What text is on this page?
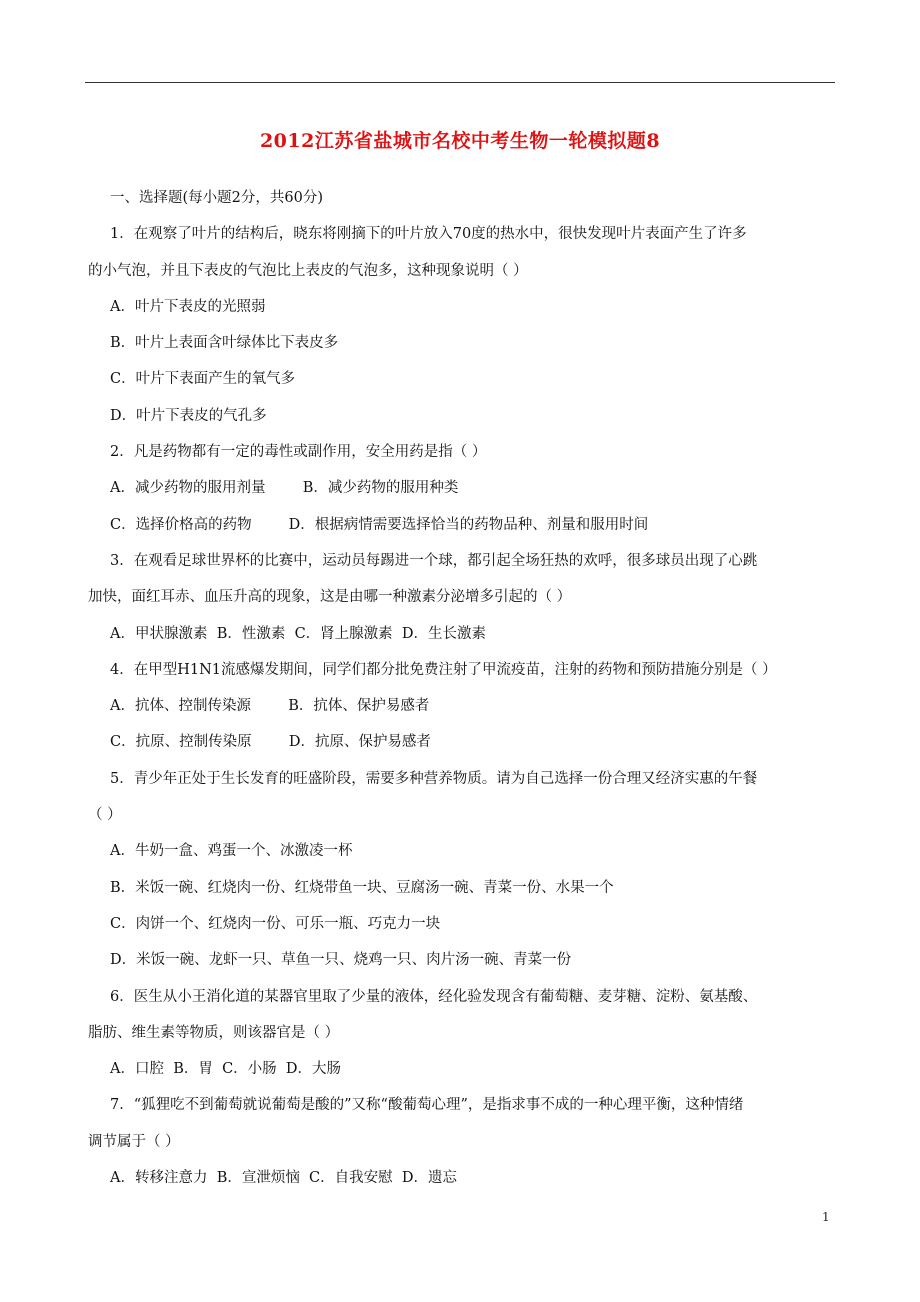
2012江苏省盐城市名校中考生物一轮模拟题8
一、选择题(每小题2分，共60分)
1．在观察了叶片的结构后，晓东将刚摘下的叶片放入70度的热水中，很快发现叶片表面产生了许多
的小气泡，并且下表皮的气泡比上表皮的气泡多，这种现象说明（ ）
A．叶片下表皮的光照弱
B．叶片上表面含叶绿体比下表皮多
C．叶片下表面产生的氧气多
D．叶片下表皮的气孔多
2．凡是药物都有一定的毒性或副作用，安全用药是指（ ）
A．减少药物的服用剂量	B．减少药物的服用种类
C．选择价格高的药物	D．根据病情需要选择恰当的药物品种、剂量和服用时间
3．在观看足球世界杯的比赛中，运动员每踢进一个球，都引起全场狂热的欢呼，很多球员出现了心跳
加快，面红耳赤、血压升高的现象，这是由哪一种激素分泌增多引起的（ ）
A．甲状腺激素  B．性激素  C．肾上腺激素  D．生长激素
4．在甲型H1N1流感爆发期间，同学们都分批免费注射了甲流疫苗，注射的药物和预防措施分别是（ ）
A．抗体、控制传染源	B．抗体、保护易感者
C．抗原、控制传染原	D．抗原、保护易感者
5．青少年正处于生长发育的旺盛阶段，需要多种营养物质。请为自己选择一份合理又经济实惠的午餐
（ ）
A．牛奶一盒、鸡蛋一个、冰激凌一杯
B．米饭一碗、红烧肉一份、红烧带鱼一块、豆腐汤一碗、青菜一份、水果一个
C．肉饼一个、红烧肉一份、可乐一瓶、巧克力一块
D．米饭一碗、龙虾一只、草鱼一只、烧鸡一只、肉片汤一碗、青菜一份
6．医生从小王消化道的某器官里取了少量的液体，经化验发现含有葡萄糖、麦芽糖、淀粉、氨基酸、
脂肪、维生素等物质，则该器官是（ ）
A．口腔  B．胃  C．小肠  D．大肠
7．“狐狸吃不到葡萄就说葡萄是酸的”又称“酸葡萄心理”，是指求事不成的一种心理平衡，这种情绪
调节属于（ ）
A．转移注意力  B．宣泄烦恼  C．自我安慰  D．遗忘
1
